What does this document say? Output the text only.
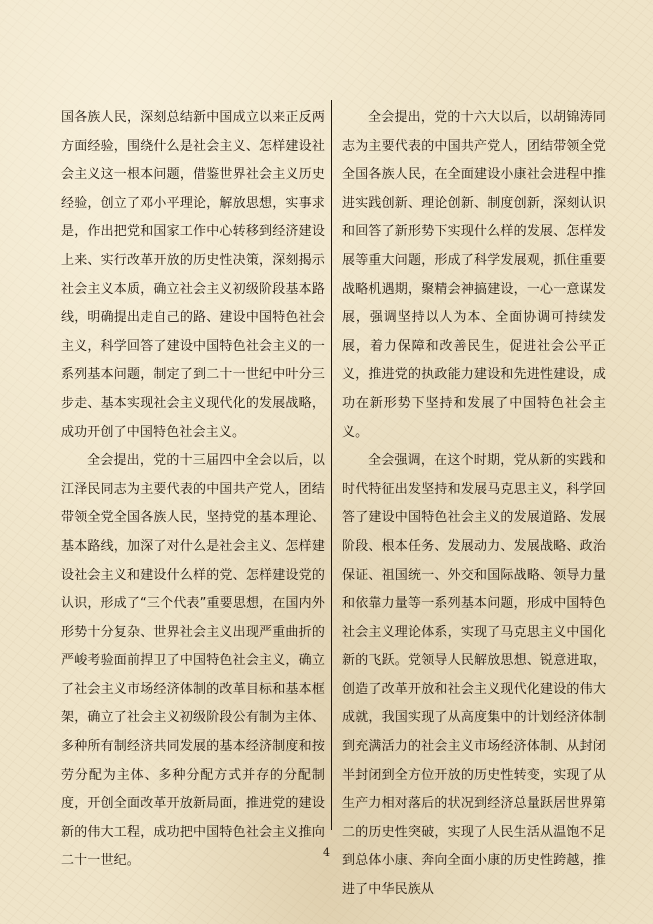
国各族人民，深刻总结新中国成立以来正反两方面经验，围绕什么是社会主义、怎样建设社会主义这一根本问题，借鉴世界社会主义历史经验，创立了邓小平理论，解放思想，实事求是，作出把党和国家工作中心转移到经济建设上来、实行改革开放的历史性决策，深刻揭示社会主义本质，确立社会主义初级阶段基本路线，明确提出走自己的路、建设中国特色社会主义，科学回答了建设中国特色社会主义的一系列基本问题，制定了到二十一世纪中叶分三步走、基本实现社会主义现代化的发展战略，成功开创了中国特色社会主义。

全会提出，党的十三届四中全会以后，以江泽民同志为主要代表的中国共产党人，团结带领全党全国各族人民，坚持党的基本理论、基本路线，加深了对什么是社会主义、怎样建设社会主义和建设什么样的党、怎样建设党的认识，形成了“三个代表”重要思想，在国内外形势十分复杂、世界社会主义出现严重曲折的严峻考验面前捍卫了中国特色社会主义，确立了社会主义市场经济体制的改革目标和基本框架，确立了社会主义初级阶段公有制为主体、多种所有制经济共同发展的基本经济制度和按劳分配为主体、多种分配方式并存的分配制度，开创全面改革开放新局面，推进党的建设新的伟大工程，成功把中国特色社会主义推向二十一世纪。

全会提出，党的十六大以后，以胡锦涛同志为主要代表的中国共产党人，团结带领全党全国各族人民，在全面建设小康社会进程中推进实践创新、理论创新、制度创新，深刻认识和回答了新形势下实现什么样的发展、怎样发展等重大问题，形成了科学发展观，抓住重要战略机遇期，聚精会神搞建设，一心一意谋发展，强调坚持以人为本、全面协调可持续发展，着力保障和改善民生，促进社会公平正义，推进党的执政能力建设和先进性建设，成功在新形势下坚持和发展了中国特色社会主义。

全会强调，在这个时期，党从新的实践和时代特征出发坚持和发展马克思主义，科学回答了建设中国特色社会主义的发展道路、发展阶段、根本任务、发展动力、发展战略、政治保证、祖国统一、外交和国际战略、领导力量和依靠力量等一系列基本问题，形成中国特色社会主义理论体系，实现了马克思主义中国化新的飞跃。党领导人民解放思想、锐意进取，创造了改革开放和社会主义现代化建设的伟大成就，我国实现了从高度集中的计划经济体制到充满活力的社会主义市场经济体制、从封闭半封闭到全方位开放的历史性转变，实现了从生产力相对落后的状况到经济总量跃居世界第二的历史性突破，实现了人民生活从温饱不足到总体小康、奔向全面小康的历史性跨越，推进了中华民族从

4
